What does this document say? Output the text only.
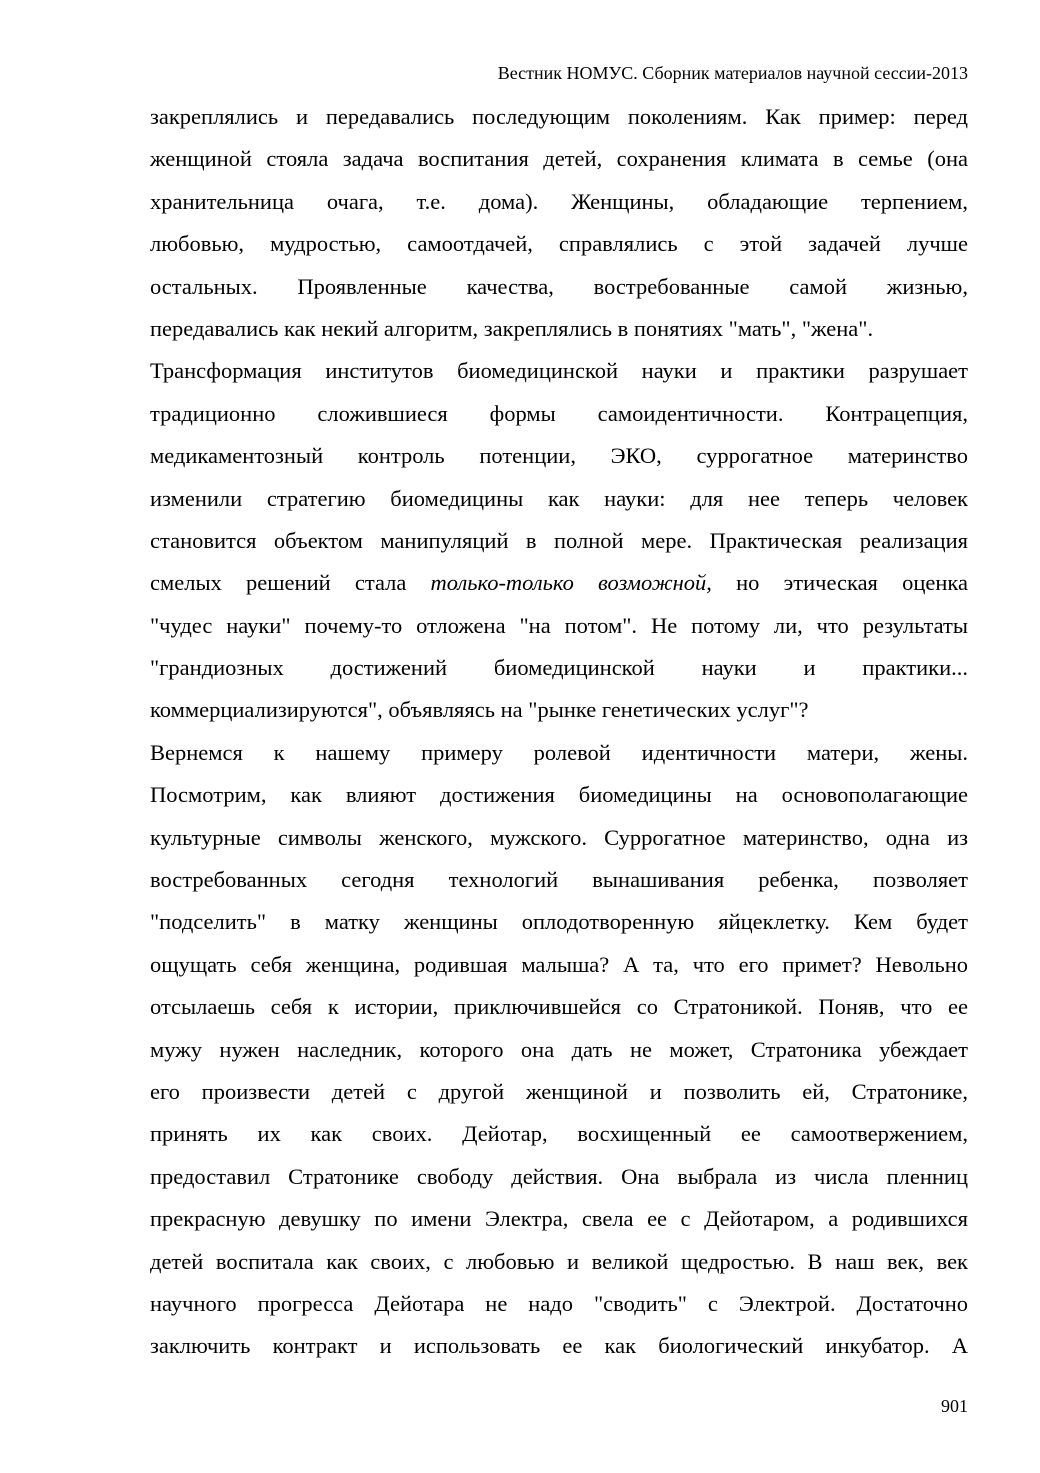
Вестник НОМУС. Сборник материалов научной сессии-2013
закреплялись и передавались последующим поколениям. Как пример: перед
женщиной стояла задача воспитания детей, сохранения климата в семье (она
хранительница очага, т.е. дома). Женщины, обладающие терпением,
любовью, мудростью, самоотдачей, справлялись с этой задачей лучше
остальных. Проявленные качества, востребованные самой жизнью,
передавались как некий алгоритм, закреплялись в понятиях "мать", "жена".
Трансформация институтов биомедицинской науки и практики разрушает
традиционно сложившиеся формы самоидентичности. Контрацепция,
медикаментозный контроль потенции, ЭКО, суррогатное материнство
изменили стратегию биомедицины как науки: для нее теперь человек
становится объектом манипуляций в полной мере. Практическая реализация
смелых решений стала только-только возможной, но этическая оценка
"чудес науки" почему-то отложена "на потом". Не потому ли, что результаты
"грандиозных достижений биомедицинской науки и практики...
коммерциализируются", объявляясь на "рынке генетических услуг"?
Вернемся к нашему примеру ролевой идентичности матери, жены.
Посмотрим, как влияют достижения биомедицины на основополагающие
культурные символы женского, мужского. Суррогатное материнство, одна из
востребованных сегодня технологий вынашивания ребенка, позволяет
"подселить" в матку женщины оплодотворенную яйцеклетку. Кем будет
ощущать себя женщина, родившая малыша? А та, что его примет? Невольно
отсылаешь себя к истории, приключившейся со Стратоникой. Поняв, что ее
мужу нужен наследник, которого она дать не может, Стратоника убеждает
его произвести детей с другой женщиной и позволить ей, Стратонике,
принять их как своих. Дейотар, восхищенный ее самоотвержением,
предоставил Стратонике свободу действия. Она выбрала из числа пленниц
прекрасную девушку по имени Электра, свела ее с Дейотаром, а родившихся
детей воспитала как своих, с любовью и великой щедростью. В наш век, век
научного прогресса Дейотара не надо "сводить" с Электрой. Достаточно
заключить контракт и использовать ее как биологический инкубатор. А
901
